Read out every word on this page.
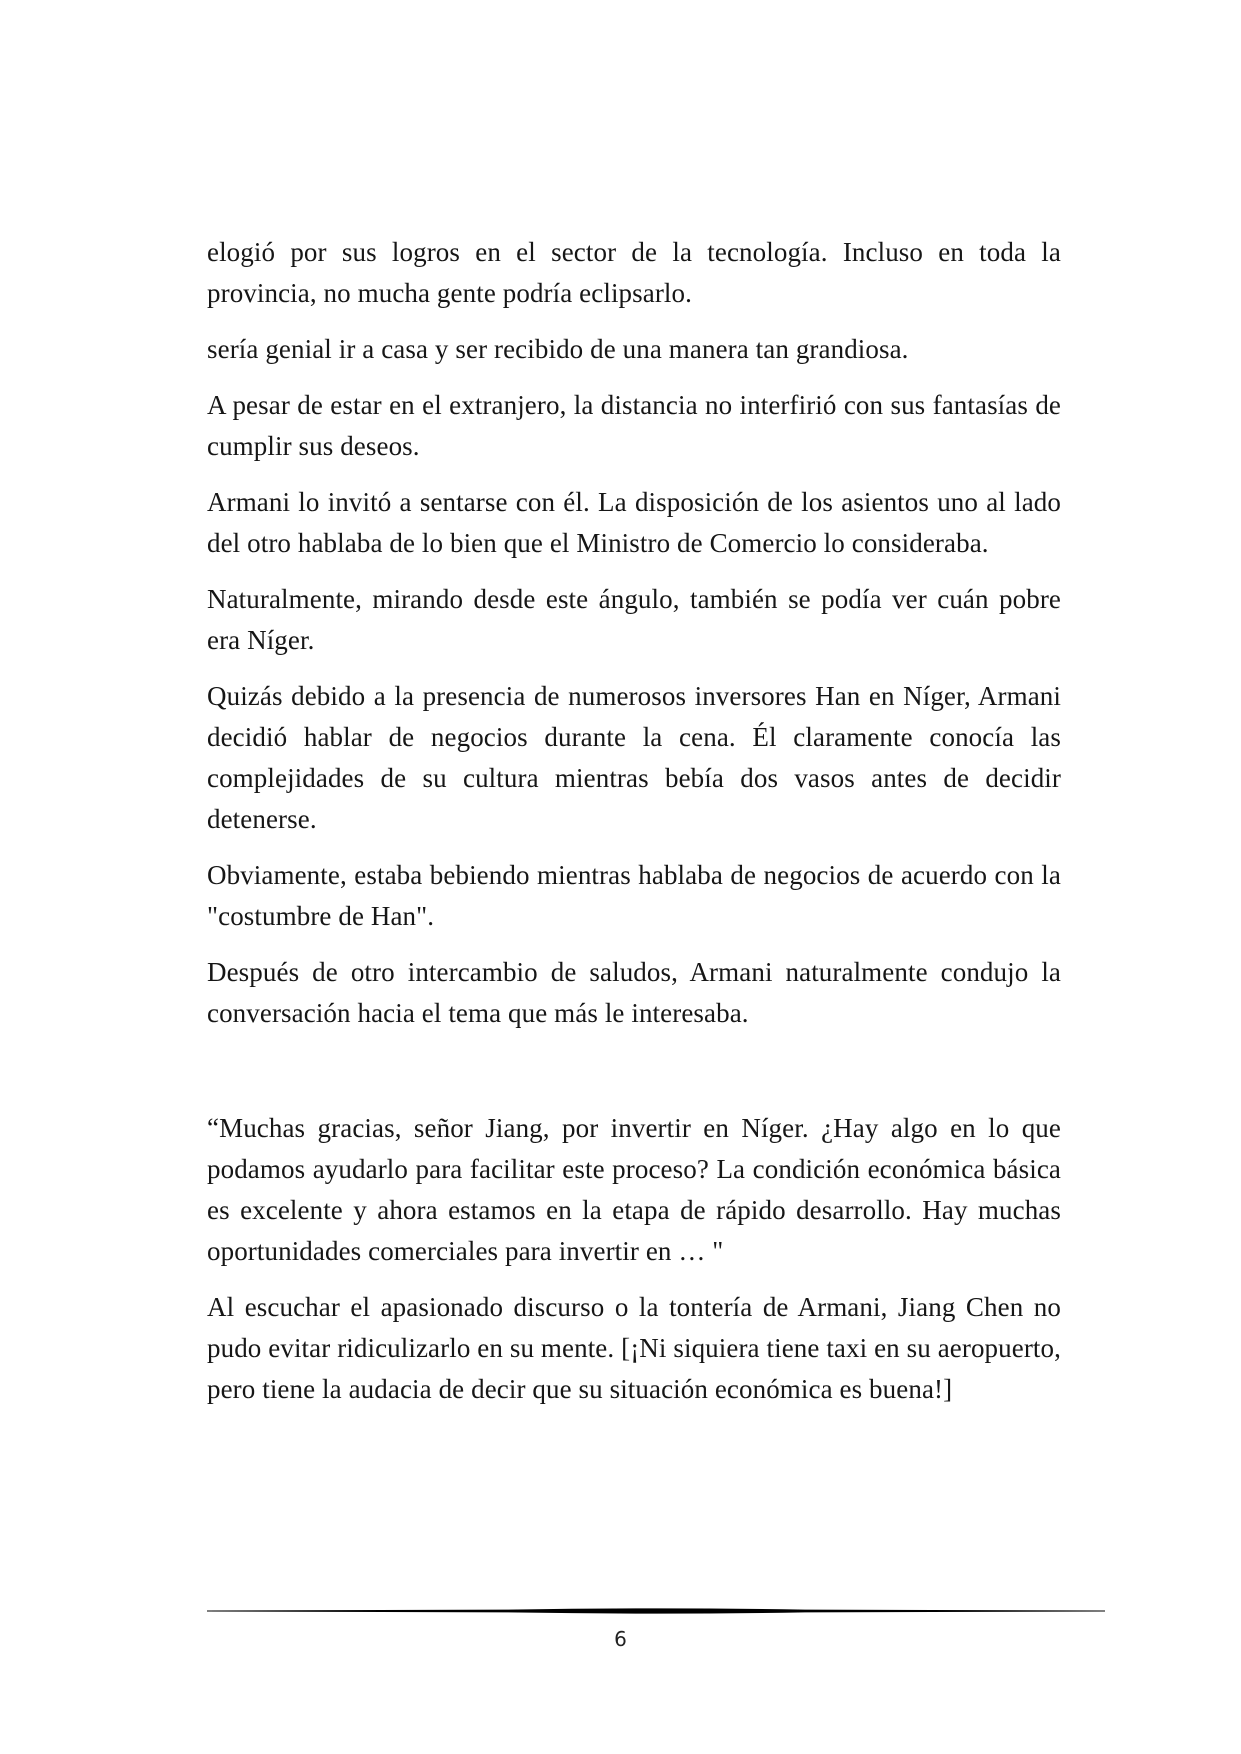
elogió por sus logros en el sector de la tecnología. Incluso en toda la provincia, no mucha gente podría eclipsarlo.

sería genial ir a casa y ser recibido de una manera tan grandiosa.

A pesar de estar en el extranjero, la distancia no interfirió con sus fantasías de cumplir sus deseos.

Armani lo invitó a sentarse con él. La disposición de los asientos uno al lado del otro hablaba de lo bien que el Ministro de Comercio lo consideraba.

Naturalmente, mirando desde este ángulo, también se podía ver cuán pobre era Níger.

Quizás debido a la presencia de numerosos inversores Han en Níger, Armani decidió hablar de negocios durante la cena. Él claramente conocía las complejidades de su cultura mientras bebía dos vasos antes de decidir detenerse.

Obviamente, estaba bebiendo mientras hablaba de negocios de acuerdo con la "costumbre de Han".

Después de otro intercambio de saludos, Armani naturalmente condujo la conversación hacia el tema que más le interesaba.

“Muchas gracias, señor Jiang, por invertir en Níger. ¿Hay algo en lo que podamos ayudarlo para facilitar este proceso? La condición económica básica es excelente y ahora estamos en la etapa de rápido desarrollo. Hay muchas oportunidades comerciales para invertir en … "

Al escuchar el apasionado discurso o la tontería de Armani, Jiang Chen no pudo evitar ridiculizarlo en su mente. [¡Ni siquiera tiene taxi en su aeropuerto, pero tiene la audacia de decir que su situación económica es buena!]

6
